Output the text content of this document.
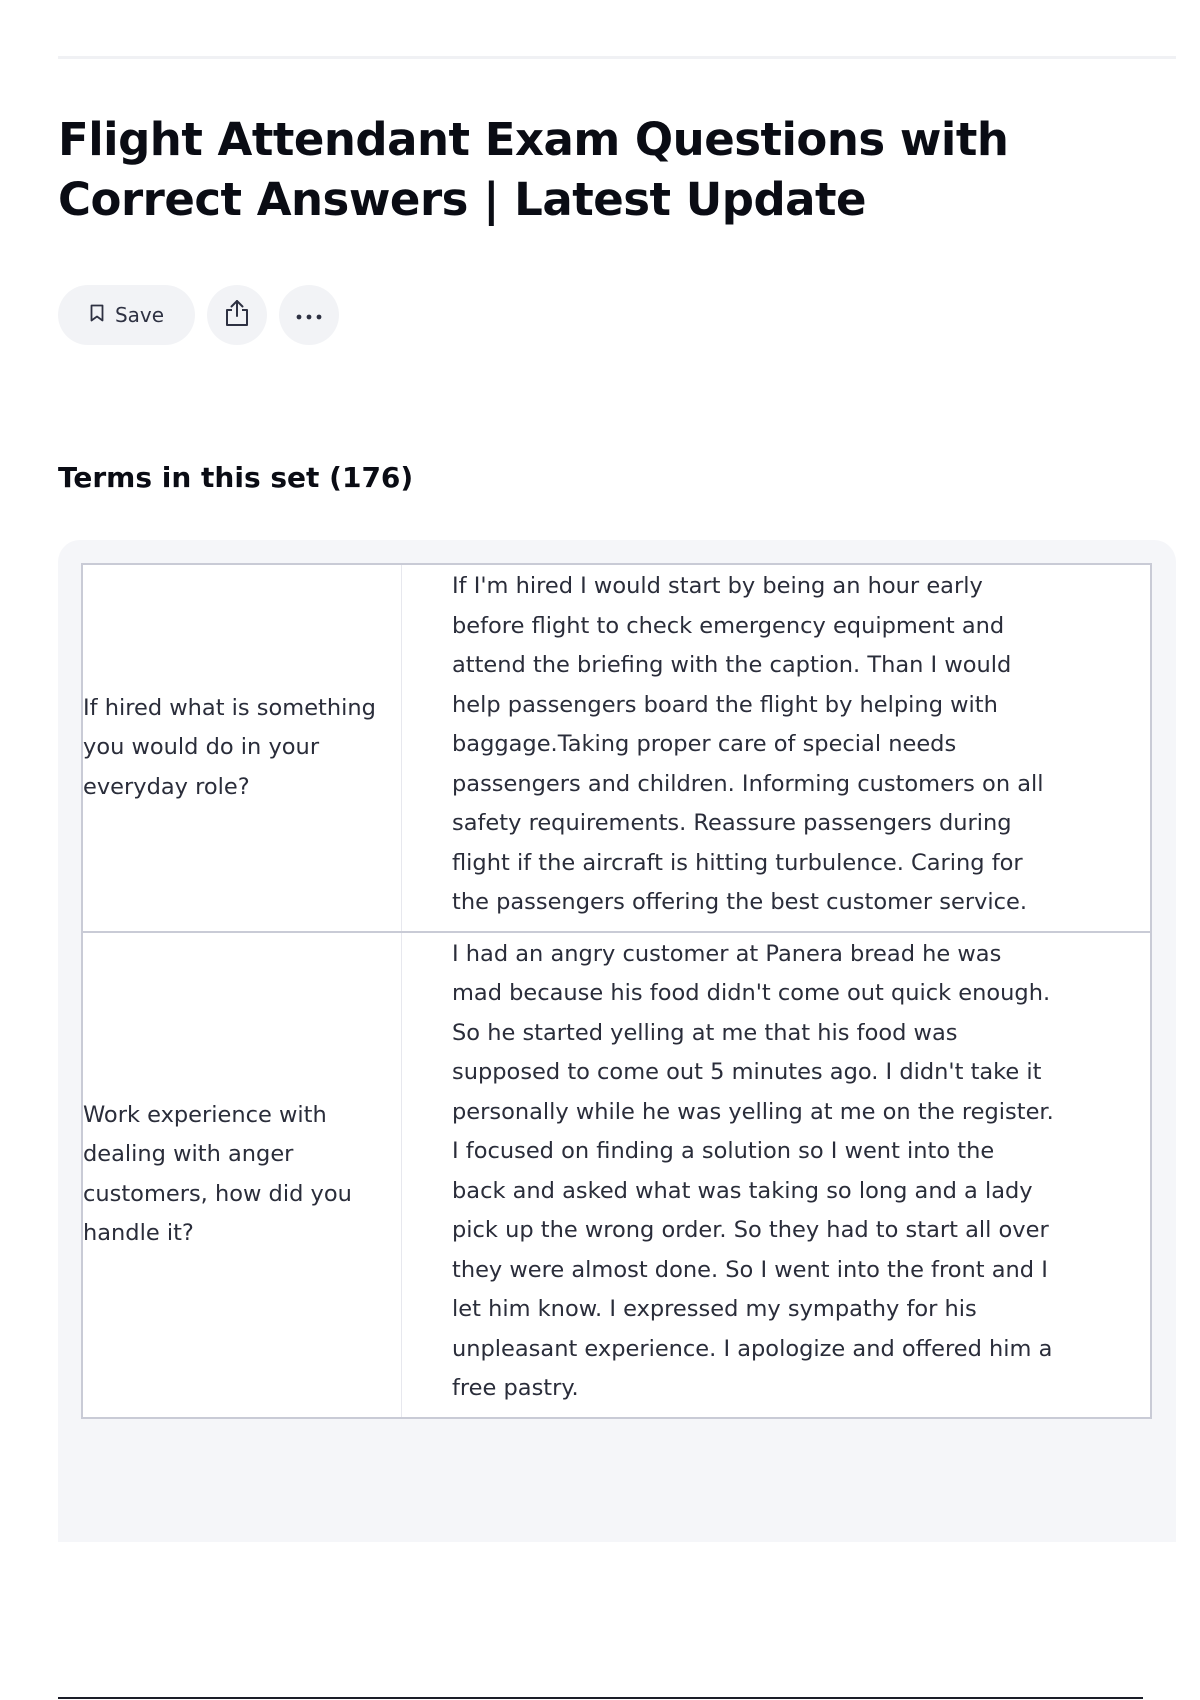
Flight Attendant Exam Questions with Correct Answers | Latest Update
Save
Terms in this set (176)
If hired what is something you would do in your everyday role?
If I'm hired I would start by being an hour early before flight to check emergency equipment and attend the briefing with the caption. Than I would help passengers board the flight by helping with baggage.Taking proper care of special needs passengers and children. Informing customers on all safety requirements. Reassure passengers during flight if the aircraft is hitting turbulence. Caring for the passengers offering the best customer service.
Work experience with dealing with anger customers, how did you handle it?
I had an angry customer at Panera bread he was mad because his food didn't come out quick enough. So he started yelling at me that his food was supposed to come out 5 minutes ago. I didn't take it personally while he was yelling at me on the register. I focused on finding a solution so I went into the back and asked what was taking so long and a lady pick up the wrong order. So they had to start all over they were almost done. So I went into the front and I let him know. I expressed my sympathy for his unpleasant experience. I apologize and offered him a free pastry.
